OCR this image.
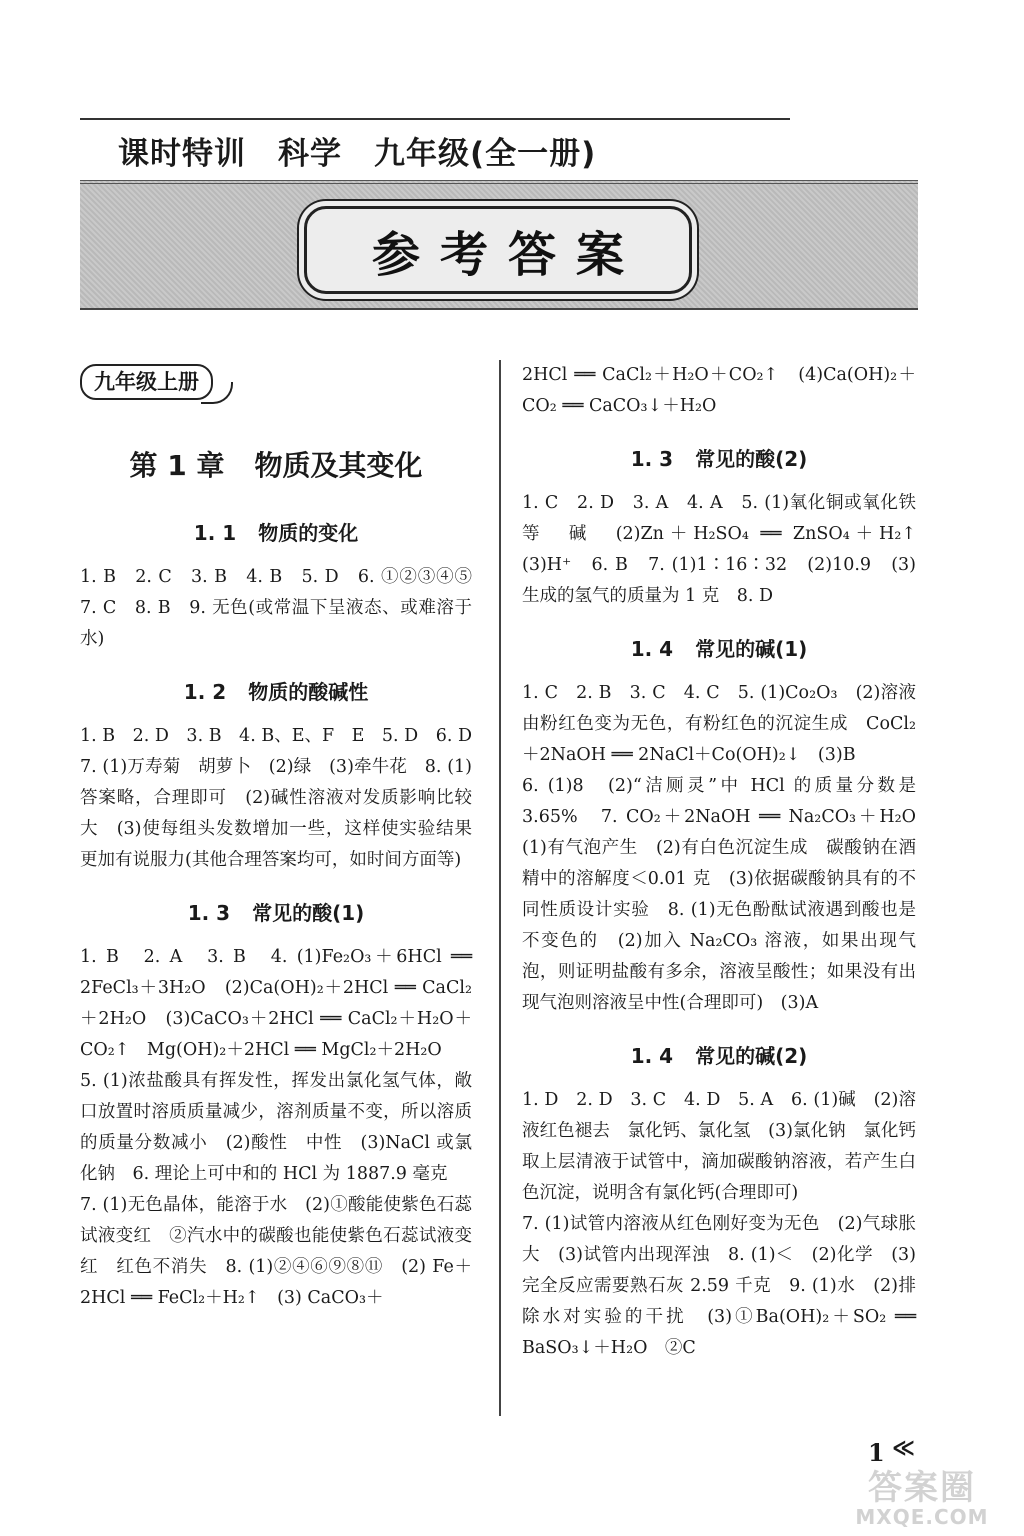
课时特训　科学　九年级(全一册)
参考答案
九年级上册
第 1 章 物质及其变化
1. 1 物质的变化

1. B　2. C　3. B　4. B　5. D　6. ①②③④⑤　7. C　8. B　9. 无色(或常温下呈液态、或难溶于水)

1. 2 物质的酸碱性

1. B　2. D　3. B　4. B、E、F　E　5. D　6. D　7. (1)万寿菊　胡萝卜　(2)绿　(3)牵牛花　8. (1)答案略，合理即可　(2)碱性溶液对发质影响比较大　(3)使每组头发数增加一些，这样使实验结果更加有说服力(其他合理答案均可，如时间方面等)

1. 3 常见的酸(1)

1. B　2. A　3. B　4. (1)Fe₂O₃＋6HCl ══ 2FeCl₃＋3H₂O　(2)Ca(OH)₂＋2HCl ══ CaCl₂＋2H₂O　(3)CaCO₃＋2HCl ══ CaCl₂＋H₂O＋CO₂↑　Mg(OH)₂＋2HCl ══ MgCl₂＋2H₂O

5. (1)浓盐酸具有挥发性，挥发出氯化氢气体，敞口放置时溶质质量减少，溶剂质量不变，所以溶质的质量分数减小　(2)酸性　中性　(3)NaCl 或氯化钠　6. 理论上可中和的 HCl 为 1887.9 毫克

7. (1)无色晶体，能溶于水　(2)①酸能使紫色石蕊试液变红　②汽水中的碳酸也能使紫色石蕊试液变红　红色不消失　8. (1)②④⑥⑨⑧⑪　(2) Fe＋2HCl ══ FeCl₂＋H₂↑　(3) CaCO₃＋

2HCl ══ CaCl₂＋H₂O＋CO₂↑　(4)Ca(OH)₂＋CO₂ ══ CaCO₃↓＋H₂O

1. 3 常见的酸(2)

1. C　2. D　3. A　4. A　5. (1)氧化铜或氧化铁等　碱　(2)Zn＋H₂SO₄ ══ ZnSO₄＋H₂↑　(3)H⁺　6. B　7. (1)1∶16∶32　(2)10.9　(3)生成的氢气的质量为 1 克　8. D

1. 4 常见的碱(1)

1. C　2. B　3. C　4. C　5. (1)Co₂O₃　(2)溶液由粉红色变为无色，有粉红色的沉淀生成　CoCl₂＋2NaOH ══ 2NaCl＋Co(OH)₂↓　(3)B

6. (1)8　(2)“洁厕灵”中 HCl 的质量分数是 3.65%　7. CO₂＋2NaOH ══ Na₂CO₃＋H₂O　(1)有气泡产生　(2)有白色沉淀生成　碳酸钠在酒精中的溶解度＜0.01 克　(3)依据碳酸钠具有的不同性质设计实验　8. (1)无色酚酞试液遇到酸也是不变色的　(2)加入 Na₂CO₃ 溶液，如果出现气泡，则证明盐酸有多余，溶液呈酸性；如果没有出现气泡则溶液呈中性(合理即可)　(3)A

1. 4 常见的碱(2)

1. D　2. D　3. C　4. D　5. A　6. (1)碱　(2)溶液红色褪去　氯化钙、氯化氢　(3)氯化钠　氯化钙　取上层清液于试管中，滴加碳酸钠溶液，若产生白色沉淀，说明含有氯化钙(合理即可)

7. (1)试管内溶液从红色刚好变为无色　(2)气球胀大　(3)试管内出现浑浊　8. (1)＜　(2)化学　(3)完全反应需要熟石灰 2.59 千克　9. (1)水　(2)排除水对实验的干扰　(3)①Ba(OH)₂＋SO₂ ══ BaSO₃↓＋H₂O　②C

1 ≪
答案圈
MXQE.COM
